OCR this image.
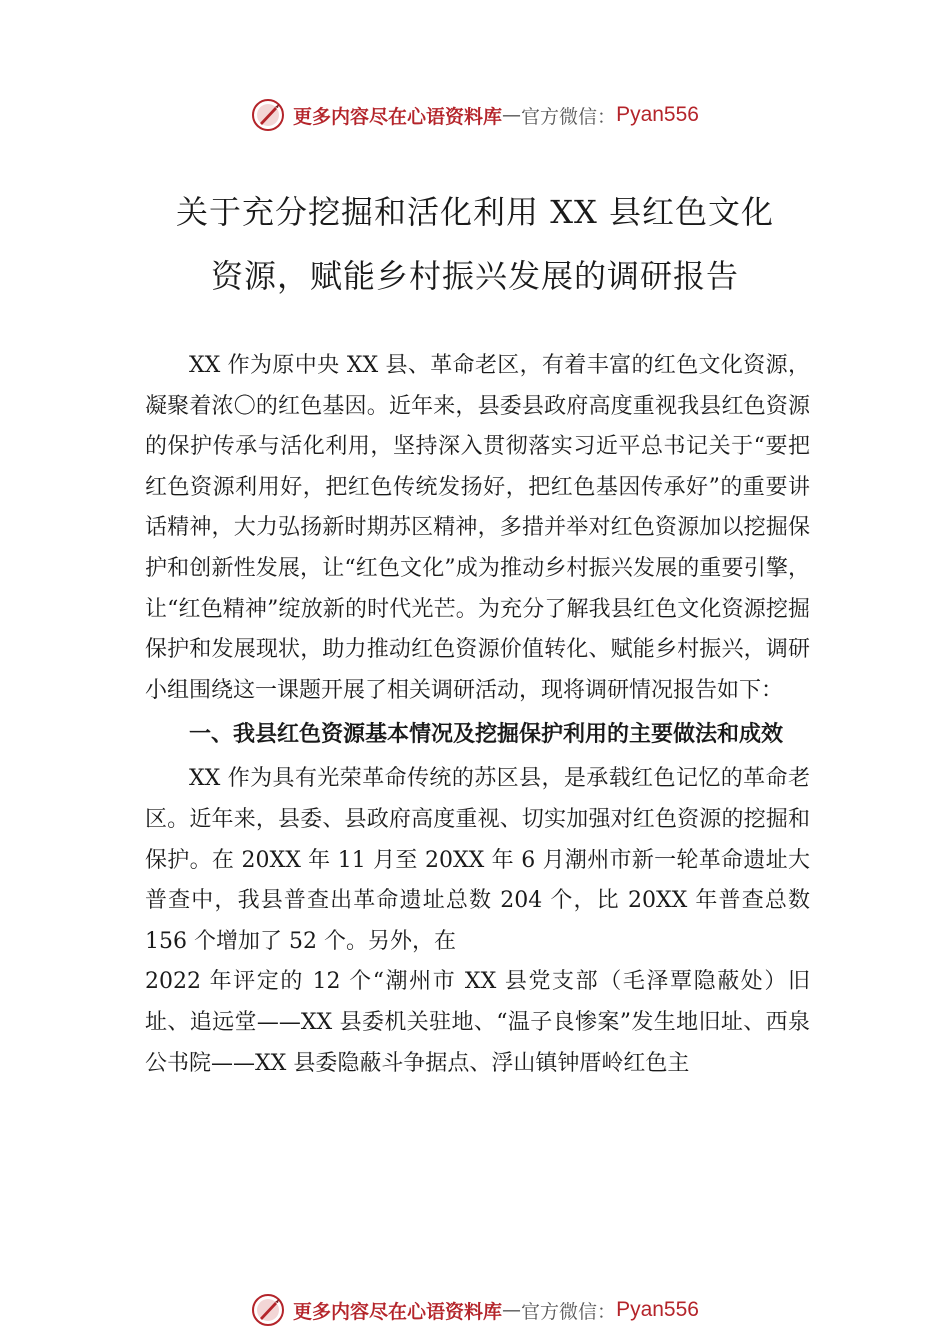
更多内容尽在心语资料库 — 官方微信： Pyan556
关于充分挖掘和活化利用 XX 县红色文化
资源，赋能乡村振兴发展的调研报告

XX 作为原中央 XX 县、革命老区，有着丰富的红色文化资源，凝聚着浓〇的红色基因。近年来，县委县政府高度重视我县红色资源的保护传承与活化利用，坚持深入贯彻落实习近平总书记关于“要把红色资源利用好，把红色传统发扬好，把红色基因传承好”的重要讲话精神，大力弘扬新时期苏区精神，多措并举对红色资源加以挖掘保护和创新性发展，让“红色文化”成为推动乡村振兴发展的重要引擎，让“红色精神”绽放新的时代光芒。为充分了解我县红色文化资源挖掘保护和发展现状，助力推动红色资源价值转化、赋能乡村振兴，调研小组围绕这一课题开展了相关调研活动，现将调研情况报告如下：

一、我县红色资源基本情况及挖掘保护利用的主要做法和成效

XX 作为具有光荣革命传统的苏区县，是承载红色记忆的革命老区。近年来，县委、县政府高度重视、切实加强对红色资源的挖掘和保护。在 20XX 年 11 月至 20XX 年 6 月潮州市新一轮革命遗址大普查中，我县普查出革命遗址总数 204 个，比 20XX 年普查总数 156 个增加了 52 个。另外，在

2022 年评定的 12 个“潮州市 XX 县党支部（毛泽覃隐蔽处）旧址、追远堂——XX 县委机关驻地、“温子良惨案”发生地旧址、西泉公书院——XX 县委隐蔽斗争据点、浮山镇钟厝岭红色主

更多内容尽在心语资料库 — 官方微信： Pyan556
